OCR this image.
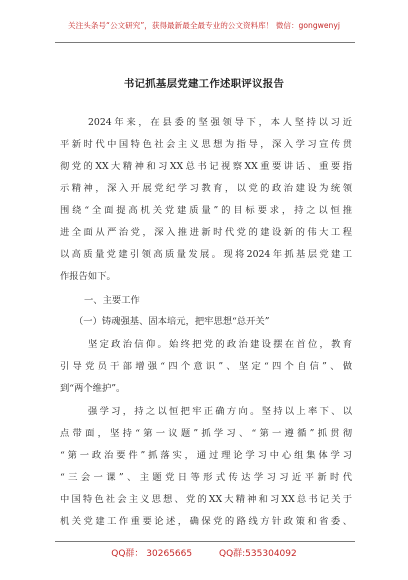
关注头条号“公文研究”，获得最新最全最专业的公文资料库！ 微信：gongwenyj
书记抓基层党建工作述职评议报告
2024年来，在县委的坚强领导下，本人坚持以习近
平新时代中国特色社会主义思想为指导，深入学习宣传贯
彻党的XX大精神和习XX总书记视察XX重要讲话、重要指
示精神，深入开展党纪学习教育，以党的政治建设为统领
围绕“全面提高机关党建质量”的目标要求，持之以恒推
进全面从严治党，深入推进新时代党的建设新的伟大工程
以高质量党建引领高质量发展。现将2024年抓基层党建工
作报告如下。
一、主要工作
（一）铸魂强基、固本培元，把牢思想“总开关”
坚定政治信仰。始终把党的政治建设摆在首位，教育
引导党员干部增强“四个意识”、坚定“四个自信”、做
到“两个维护”。
强学习，持之以恒把牢正确方向。坚持以上率下、以
点带面，坚持“第一议题”抓学习、“第一遵循”抓贯彻
“第一政治要件”抓落实，通过理论学习中心组集体学习
“三会一课”、主题党日等形式传达学习习近平新时代
中国特色社会主义思想、党的XX大精神和习XX总书记关于
机关党建工作重要论述，确保党的路线方针政策和省委、
QQ群： 30265665	QQ群:535304092
